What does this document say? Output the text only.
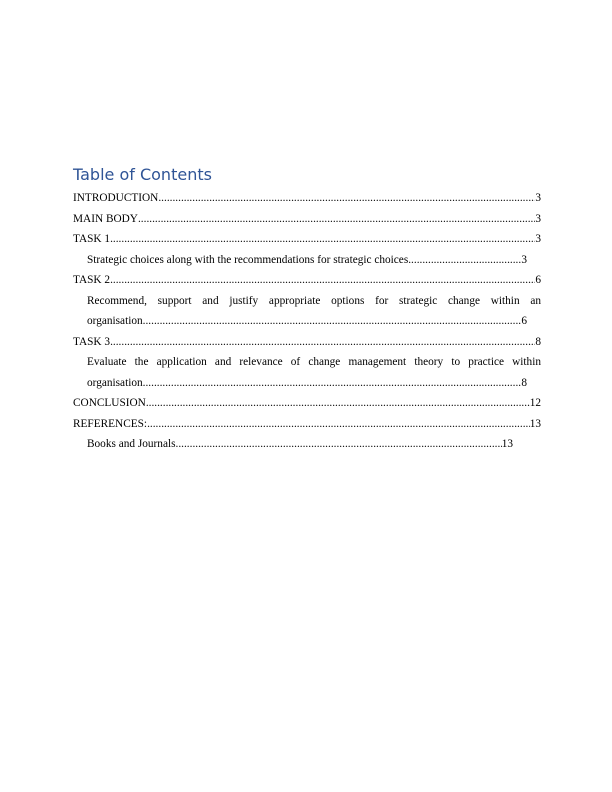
Table of Contents
INTRODUCTION .....	3
MAIN BODY .....	3
TASK 1 .....	3
Strategic choices along with the recommendations for strategic choices .....	3
TASK 2 .....	6
Recommend, support and justify appropriate options for strategic change within an
organisation .....	6
TASK 3 .....	8
Evaluate the application and relevance of change management theory to practice within
organisation .....	8
CONCLUSION .....	12
REFERENCES: .....	13
Books and Journals .....	13
